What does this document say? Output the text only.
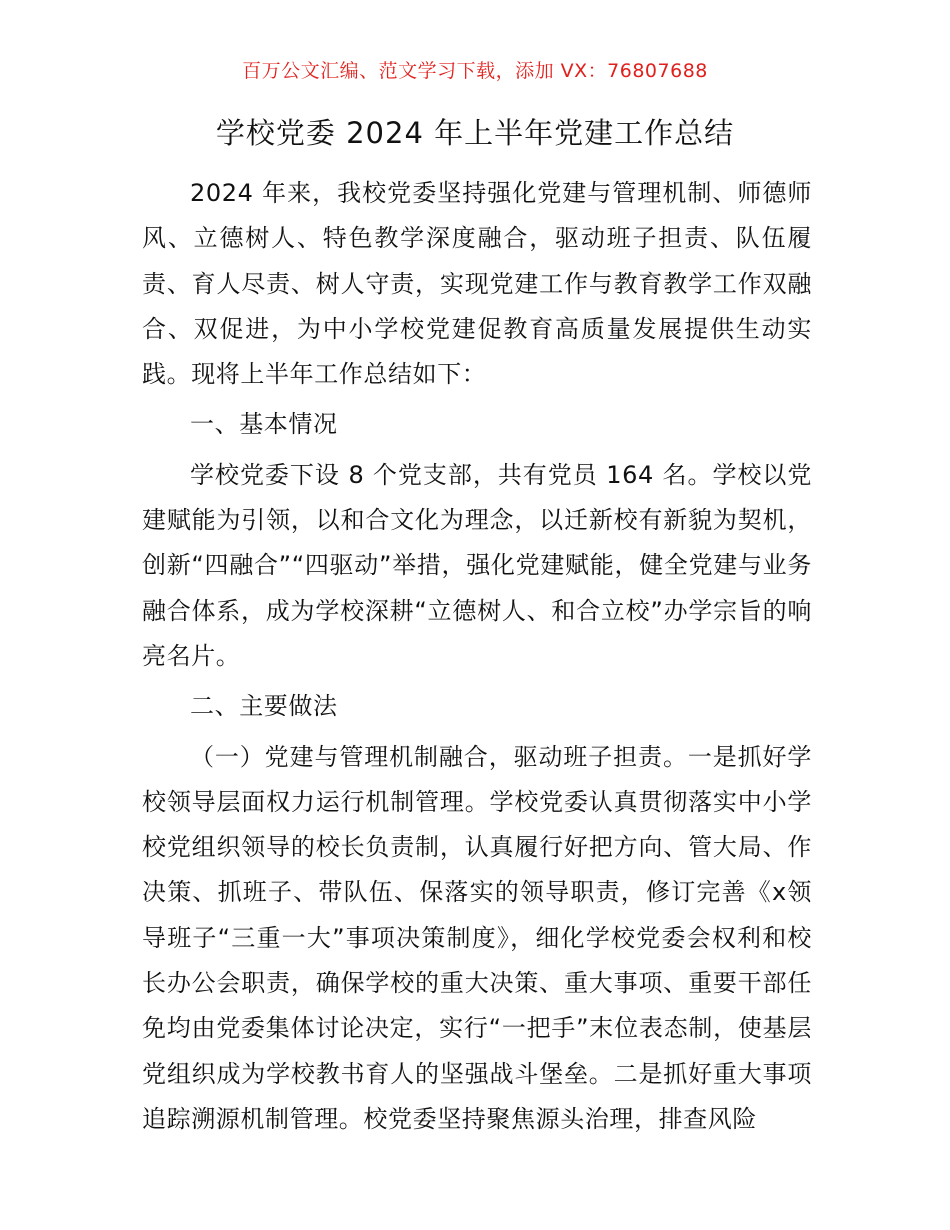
百万公文汇编、范文学习下载，添加 VX：76807688
学校党委 2024 年上半年党建工作总结

2024 年来，我校党委坚持强化党建与管理机制、师德师风、立德树人、特色教学深度融合，驱动班子担责、队伍履责、育人尽责、树人守责，实现党建工作与教育教学工作双融合、双促进，为中小学校党建促教育高质量发展提供生动实践。现将上半年工作总结如下：

一、基本情况

学校党委下设 8 个党支部，共有党员 164 名。学校以党建赋能为引领，以和合文化为理念，以迁新校有新貌为契机，创新“四融合”“四驱动”举措，强化党建赋能，健全党建与业务融合体系，成为学校深耕“立德树人、和合立校”办学宗旨的响亮名片。

二、主要做法

（一）党建与管理机制融合，驱动班子担责。一是抓好学校领导层面权力运行机制管理。学校党委认真贯彻落实中小学校党组织领导的校长负责制，认真履行好把方向、管大局、作决策、抓班子、带队伍、保落实的领导职责，修订完善《x领导班子“三重一大”事项决策制度》，细化学校党委会权利和校长办公会职责，确保学校的重大决策、重大事项、重要干部任免均由党委集体讨论决定，实行“一把手”末位表态制，使基层党组织成为学校教书育人的坚强战斗堡垒。二是抓好重大事项追踪溯源机制管理。校党委坚持聚焦源头治理，排查风险
